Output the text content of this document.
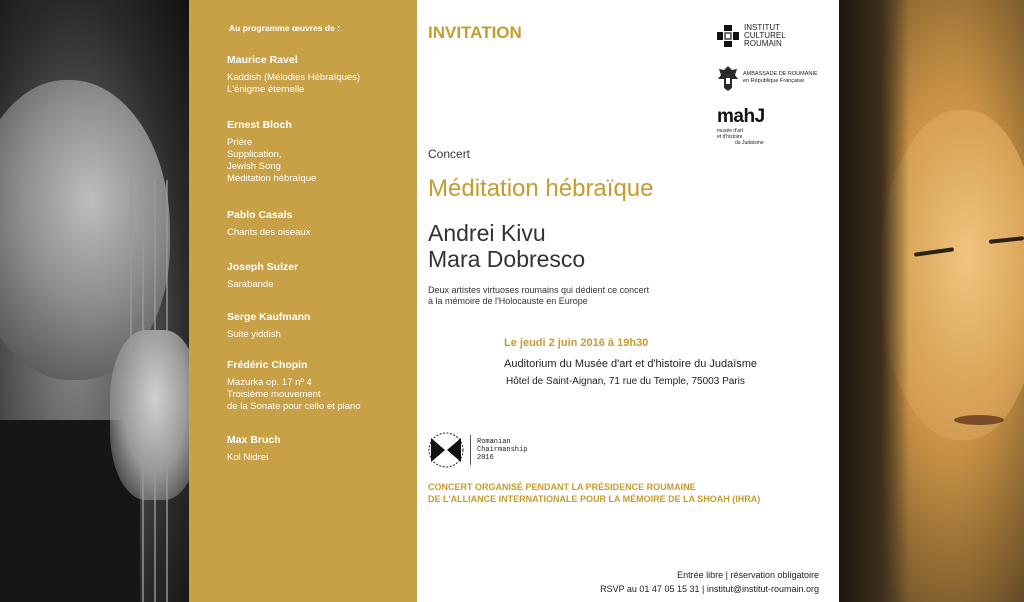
Au programme œuvres de :
Maurice Ravel
Kaddish (Mélodies Hébraïques)
L'énigme éternelle
Ernest Bloch
Prière
Supplication,
Jewish Song
Méditation hébraïque
Pablo Casals
Chants des oiseaux
Joseph Sulzer
Sarabande
Serge Kaufmann
Suite yiddish
Frédéric Chopin
Mazurka op. 17 nº 4
Troisième mouvement
de la Sonate pour cello et piano
Max Bruch
Kol Nidrei
INVITATION	INSTITUT
CULTUREL
ROUMAIN
AMBASSADE DE ROUMANIE
en République Française
mahJ
musée d'art
et d'histoire
du Judaïsme
Concert
Méditation hébraïque
Andrei Kivu
Mara Dobresco
Deux artistes virtuoses roumains qui dédient ce concert
à la mémoire de l'Holocauste en Europe
Le jeudi 2 juin 2016 à 19h30
Auditorium du Musée d'art et d'histoire du Judaïsme
Hôtel de Saint-Aignan, 71 rue du Temple, 75003 Paris
Romanian
Chairmanship
2016
CONCERT ORGANISÉ PENDANT LA PRÉSIDENCE ROUMAINE
DE L'ALLIANCE INTERNATIONALE POUR LA MÉMOIRE DE LA SHOAH (IHRA)
Entrée libre | réservation obligatoire
RSVP au 01 47 05 15 31 | institut@institut-roumain.org
